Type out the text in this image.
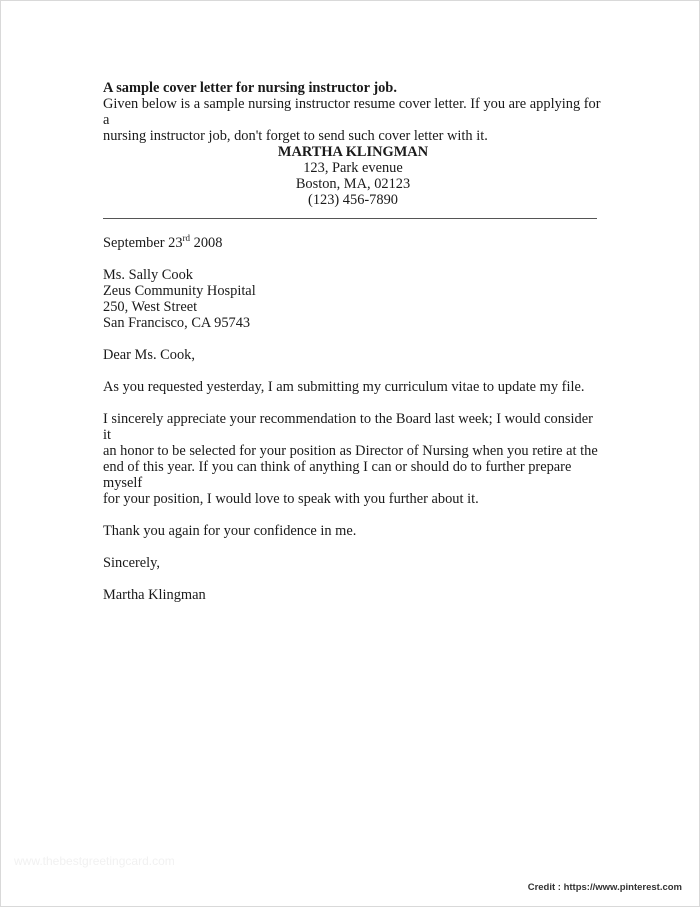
A sample cover letter for nursing instructor job.

Given below is a sample nursing instructor resume cover letter. If you are applying for a

nursing instructor job, don't forget to send such cover letter with it.

MARTHA KLINGMAN
123, Park evenue
Boston, MA, 02123
(123) 456-7890
September 23rd 2008
Ms. Sally Cook
Zeus Community Hospital
250, West Street
San Francisco, CA 95743
Dear Ms. Cook,
As you requested yesterday, I am submitting my curriculum vitae to update my file.

I sincerely appreciate your recommendation to the Board last week; I would consider it

an honor to be selected for your position as Director of Nursing when you retire at the

end of this year. If you can think of anything I can or should do to further prepare myself

for your position, I would love to speak with you further about it.

Thank you again for your confidence in me.
Sincerely,
Martha Klingman
www.thebestgreetingcard.com
Credit : https://www.pinterest.com
